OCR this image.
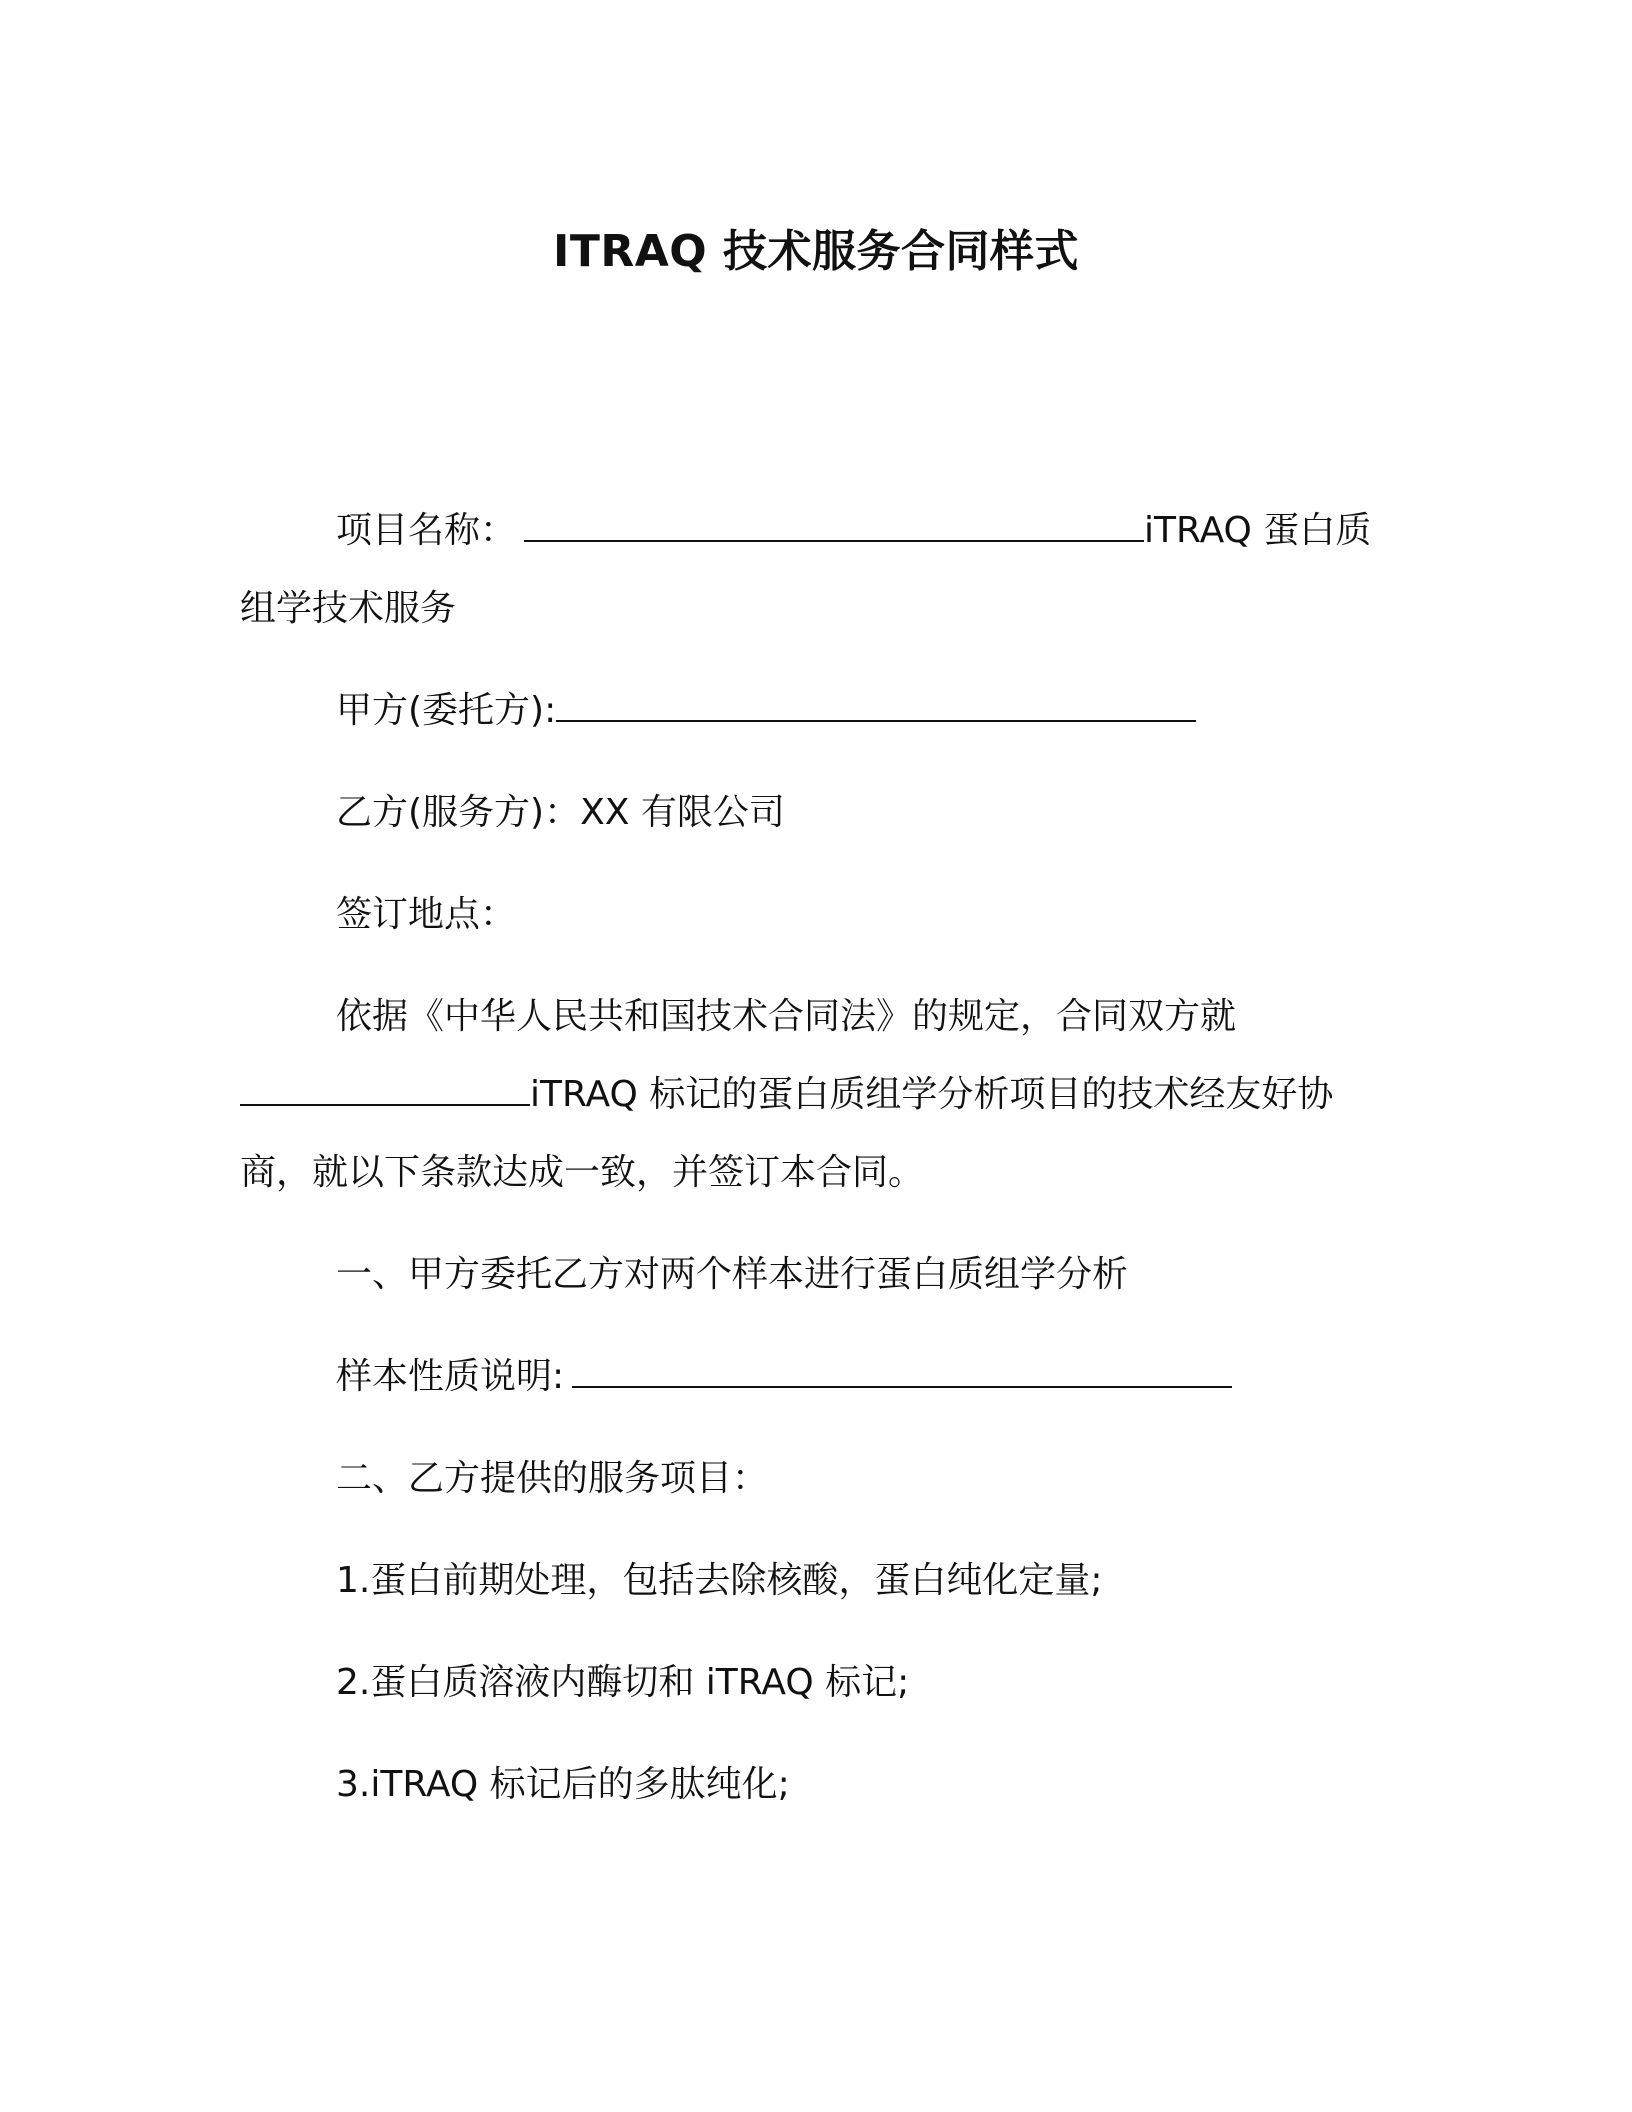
ITRAQ 技术服务合同样式

项目名称：	iTRAQ 蛋白质组学技术服务

甲方(委托方):

乙方(服务方)：XX 有限公司

签订地点：

依据《中华人民共和国技术合同法》的规定，合同双方就iTRAQ 标记的蛋白质组学分析项目的技术经友好协商，就以下条款达成一致，并签订本合同。

一、甲方委托乙方对两个样本进行蛋白质组学分析

样本性质说明:

二、乙方提供的服务项目：

1.蛋白前期处理，包括去除核酸，蛋白纯化定量;

2.蛋白质溶液内酶切和 iTRAQ 标记;

3.iTRAQ 标记后的多肽纯化;
